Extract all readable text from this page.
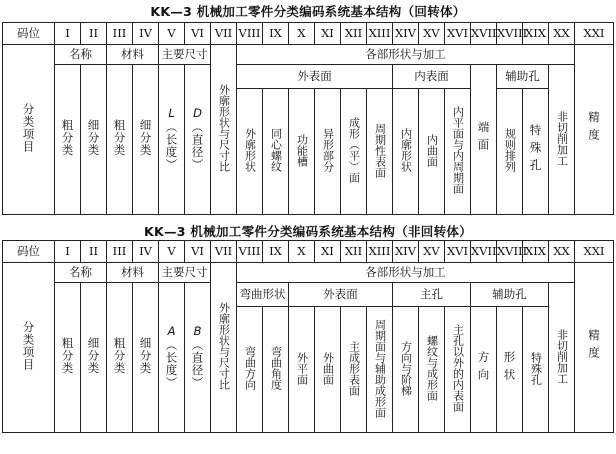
KK—3 机械加工零件分类编码系统基本结构（回转体）
码位	I	II	III	IV	V	VI	VII	VIII	IX	X	XI	XII	XIII	XIV	XV	XVI	XVII	XVIII	XIX	XX	XXI
分类项目	名称		材料		主要尺寸		外廓形状与尺寸比	各部形状与加工													精度
	粗分类	细分类	粗分类	细分类	L（长度）	D（直径）		外表面						内表面			端面	辅助孔		非切削加工	
								外廓形状	同心螺纹	功能槽	异形部分	成形（平）面	周期性表面	内廓形状	内曲面	内平面与内周期面		规则排列	特殊孔		
KK—3 机械加工零件分类编码系统基本结构（非回转体）
码位	I	II	III	IV	V	VI	VII	VIII	IX	X	XI	XII	XIII	XIV	XV	XVI	XVII	XVIII	XIX	XX	XXI
分类项目	名称		材料		主要尺寸		外廓形状与尺寸比	各部形状与加工													精度
	粗分类	细分类	粗分类	细分类	A（长度）	B（直径）		弯曲形状		外表面				主孔			辅助孔			非切削加工	
								弯曲方向	弯曲角度	外平面	外曲面	主成形表面	周期面与辅助成形面	方向与阶梯	螺纹与成形面	主孔以外的内表面	方向	形状	特殊孔		
